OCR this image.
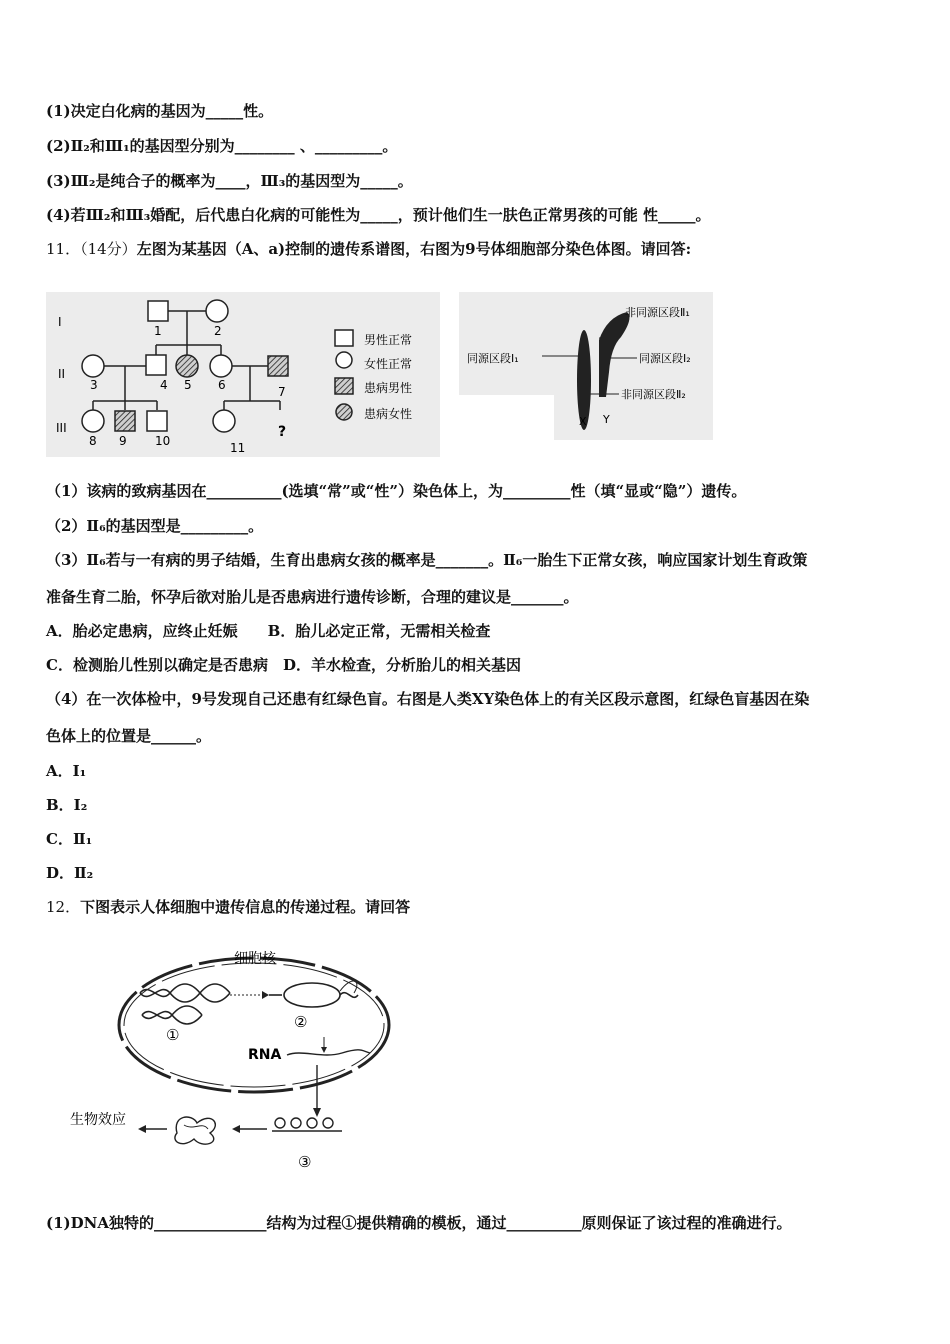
(1)决定白化病的基因为_____性。
(2)Ⅱ₂和Ⅲ₁的基因型分别为________ 、_________。
(3)Ⅲ₂是纯合子的概率为____，Ⅲ₃的基因型为_____。
(4)若Ⅲ₂和Ⅲ₃婚配，后代患白化病的可能性为_____，预计他们生一肤色正常男孩的可能 性_____。
11．（14分）左图为某基因（A、a)控制的遗传系谱图，右图为9号体细胞部分染色体图。请回答:
I
II
III
1	2
3	4 5 6	7
8 9 10	11
?
男性正常
女性正常
患病男性
患病女性
非同源区段Ⅱ₁
同源区段Ⅰ₁	同源区段Ⅰ₂
非同源区段Ⅱ₂
X Y
（1）该病的致病基因在__________(选填“常”或“性”）染色体上，为_________性（填“显或“隐”）遗传。
（2）Ⅱ₆的基因型是_________。
（3）Ⅱ₆若与一有病的男子结婚，生育出患病女孩的概率是_______。Ⅱ₆一胎生下正常女孩，响应国家计划生育政策
准备生育二胎，怀孕后欲对胎儿是否患病进行遗传诊断，合理的建议是_______。
A．胎必定患病，应终止妊娠　　B．胎儿必定正常，无需相关检查
C．检测胎儿性别以确定是否患病　D．羊水检查，分析胎儿的相关基因
（4）在一次体检中，9号发现自己还患有红绿色盲。右图是人类XY染色体上的有关区段示意图，红绿色盲基因在染
色体上的位置是______。
A．I₁
B．I₂
C．Ⅱ₁
D．Ⅱ₂
12．下图表示人体细胞中遗传信息的传递过程。请回答
细胞核
①
②
RNA
③
生物效应
(1)DNA独特的_______________结构为过程①提供精确的模板，通过__________原则保证了该过程的准确进行。
